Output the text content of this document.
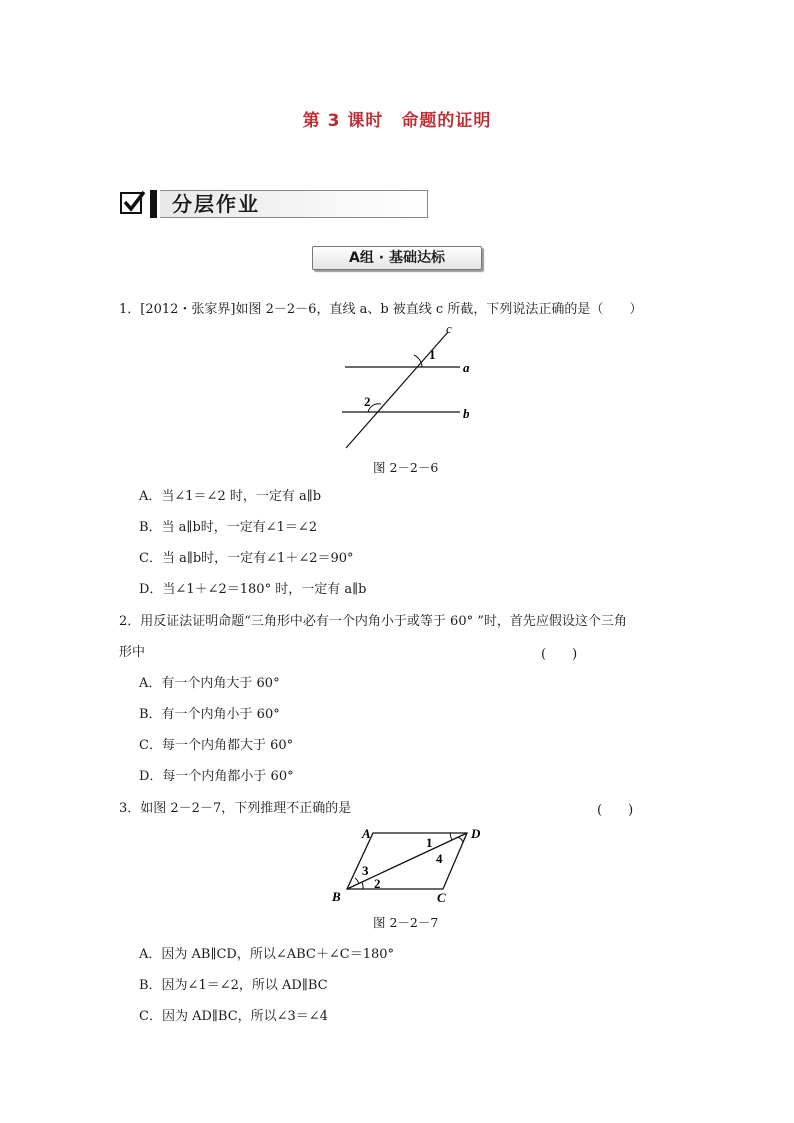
第 3 课时 命题的证明
分层作业
A组 · 基础达标
1．[2012・张家界]如图 2－2－6，直线 a、b 被直线 c 所截，下列说法正确的是（　　）
c
1
a
2
b
图 2－2－6
A．当∠1＝∠2 时，一定有 a∥b
B．当 a∥b时，一定有∠1＝∠2
C．当 a∥b时，一定有∠1＋∠2＝90°
D．当∠1＋∠2＝180° 时，一定有 a∥b
2．用反证法证明命题“三角形中必有一个内角小于或等于 60° ”时，首先应假设这个三角
形中	(　　)
A．有一个内角大于 60°
B．有一个内角小于 60°
C．每一个内角都大于 60°
D．每一个内角都小于 60°
3．如图 2－2－7，下列推理不正确的是	(　　)
A	D
1
4
3
2
B	C
图 2－2－7
A．因为 AB∥CD，所以∠ABC＋∠C＝180°
B．因为∠1＝∠2，所以 AD∥BC
C．因为 AD∥BC，所以∠3＝∠4
